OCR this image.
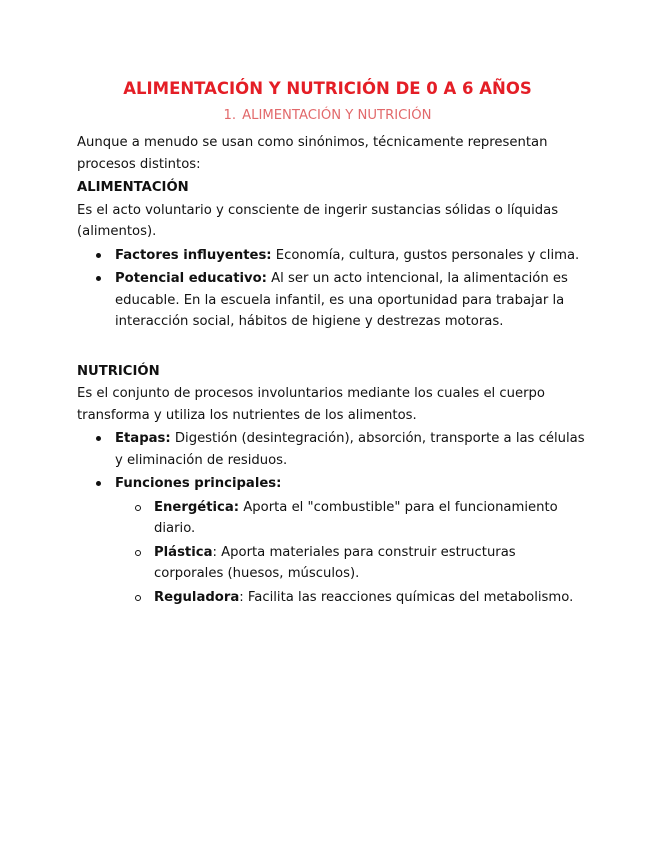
ALIMENTACIÓN Y NUTRICIÓN DE 0 A 6 AÑOS
1. ALIMENTACIÓN Y NUTRICIÓN

Aunque a menudo se usan como sinónimos, técnicamente representan procesos distintos:

ALIMENTACIÓN

Es el acto voluntario y consciente de ingerir sustancias sólidas o líquidas (alimentos).

Factores influyentes: Economía, cultura, gustos personales y clima.
Potencial educativo: Al ser un acto intencional, la alimentación es educable. En la escuela infantil, es una oportunidad para trabajar la interacción social, hábitos de higiene y destrezas motoras.

NUTRICIÓN

Es el conjunto de procesos involuntarios mediante los cuales el cuerpo transforma y utiliza los nutrientes de los alimentos.

Etapas: Digestión (desintegración), absorción, transporte a las células y eliminación de residuos.
Funciones principales:
Energética: Aporta el "combustible" para el funcionamiento diario.
Plástica: Aporta materiales para construir estructuras corporales (huesos, músculos).
Reguladora: Facilita las reacciones químicas del metabolismo.
